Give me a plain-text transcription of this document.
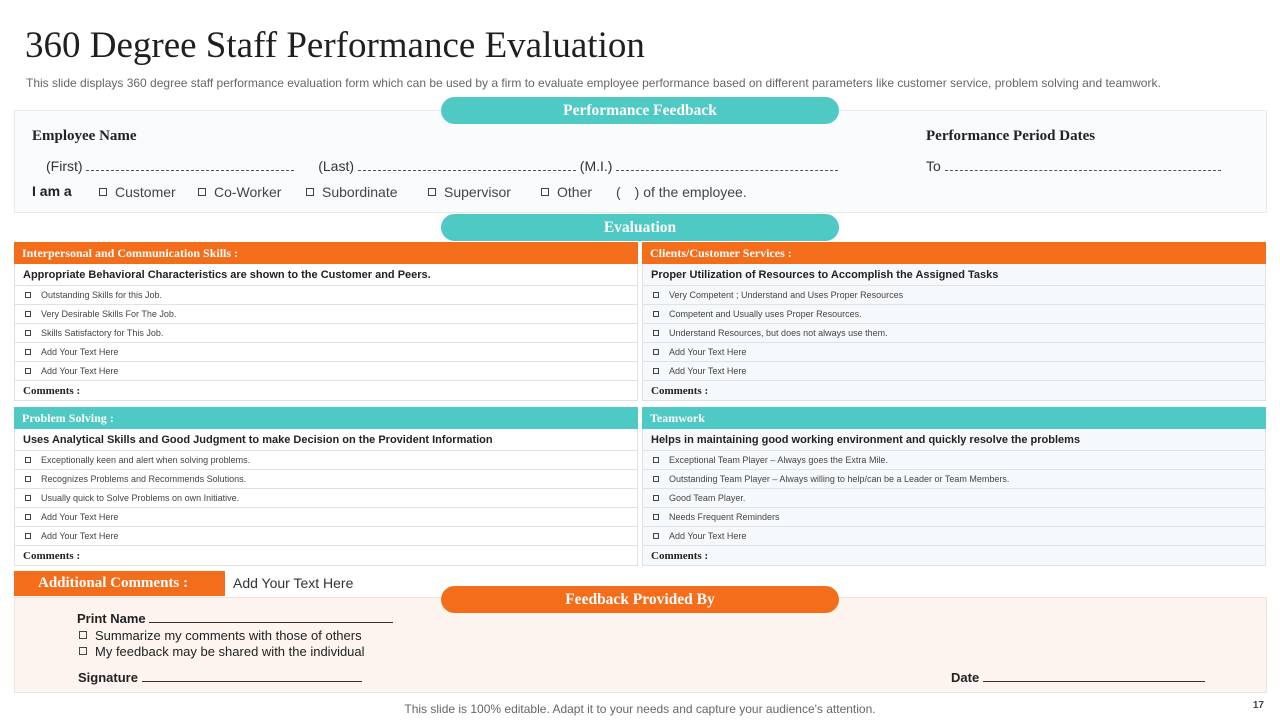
360 Degree Staff Performance Evaluation
This slide displays 360 degree staff performance evaluation form which can be used by a firm to evaluate employee performance based on different parameters like customer service, problem solving and teamwork.
Performance Feedback
Employee Name
(First)	(Last)	(M.I.)
Performance Period Dates
To
I am a	Customer	Co-Worker	Subordinate	Supervisor	Other ( ) of the employee.
Evaluation
Interpersonal and Communication Skills :
Appropriate Behavioral Characteristics are shown to the Customer and Peers.
Outstanding Skills for this Job.
Very Desirable Skills For The Job.
Skills Satisfactory for This Job.
Add Your Text Here
Add Your Text Here
Comments :
Clients/Customer Services :
Proper Utilization of Resources to Accomplish the Assigned Tasks
Very Competent ; Understand and Uses Proper Resources
Competent and Usually uses Proper Resources.
Understand Resources, but does not always use them.
Add Your Text Here
Add Your Text Here
Comments :
Problem Solving :
Uses Analytical Skills and Good Judgment to make Decision on the Provident Information
Exceptionally keen and alert when solving problems.
Recognizes Problems and Recommends Solutions.
Usually quick to Solve Problems on own Initiative.
Add Your Text Here
Add Your Text Here
Comments :
Teamwork
Helps in maintaining good working environment and quickly resolve the problems
Exceptional Team Player – Always goes the Extra Mile.
Outstanding Team Player – Always willing to help/can be a Leader or Team Members.
Good Team Player.
Needs Frequent Reminders
Add Your Text Here
Comments :
Additional Comments :	Add Your Text Here
Feedback Provided By
Print Name
Summarize my comments with those of others
My feedback may be shared with the individual
Signature	Date
This slide is 100% editable. Adapt it to your needs and capture your audience's attention.	17
